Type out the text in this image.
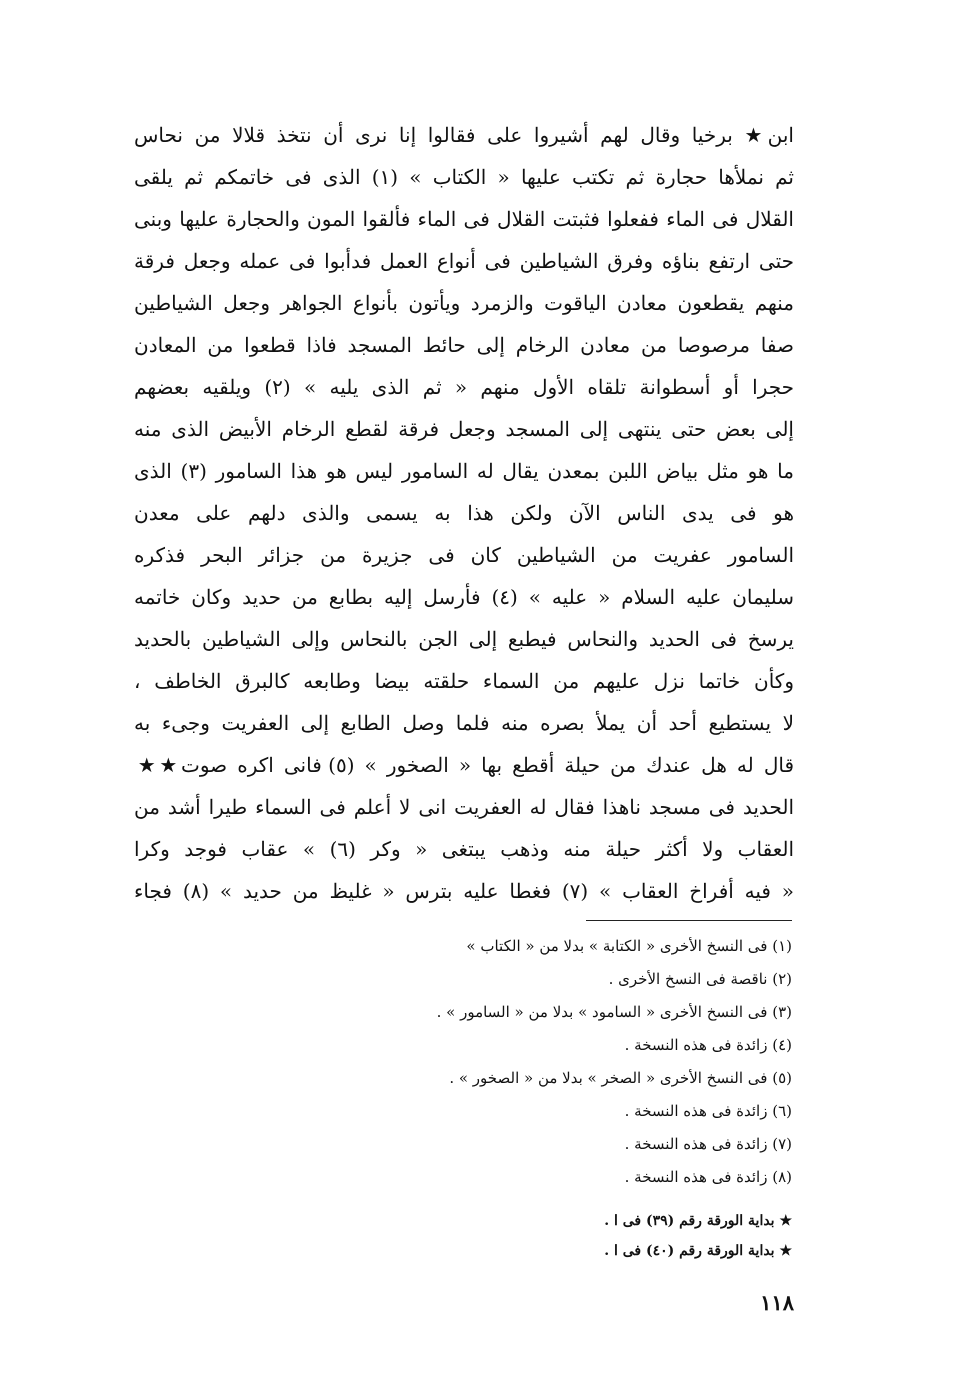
ابن★ برخيا وقال لهم أشيروا على فقالوا إنا نرى أن نتخذ قلالا من نحاس
ثم نملأها حجارة ثم تكتب عليها « الكتاب » (١) الذى فى خاتمكم ثم يلقى
القلال فى الماء ففعلوا فثبتت القلال فى الماء فألقوا المون والحجارة عليها وبنى
حتى ارتفع بناؤه وفرق الشياطين فى أنواع العمل فدأبوا فى عمله وجعل فرقة
منهم يقطعون معادن الياقوت والزمرد ويأتون بأنواع الجواهر وجعل الشياطين
صفا مرصوصا من معادن الرخام إلى حائط المسجد فاذا قطعوا من المعادن
حجرا أو أسطوانة تلقاه الأول منهم « ثم الذى يليه » (٢) ويلقيه بعضهم
إلى بعض حتى ينتهى إلى المسجد وجعل فرقة لقطع الرخام الأبيض الذى منه
ما هو مثل بياض اللبن بمعدن يقال له السامور ليس هو هذا السامور (٣) الذى
هو فى يدى الناس الآن ولكن هذا به يسمى والذى دلهم على معدن
السامور عفريت من الشياطين كان فى جزيرة من جزائر البحر فذكره
سليمان عليه السلام « عليه » (٤) فأرسل إليه بطابع من حديد وكان خاتمه
يرسخ فى الحديد والنحاس فيطبع إلى الجن بالنحاس وإلى الشياطين بالحديد
وكأن خاتما نزل عليهم من السماء حلقته بيضا وطابعه كالبرق الخاطف ،
لا يستطيع أحد أن يملأ بصره منه فلما وصل الطابع إلى العفريت وجىء به
قال له هل عندك من حيلة أقطع بها « الصخور » (٥) فانى اكره صوت★★
الحديد فى مسجد ناهذا فقال له العفريت انى لا أعلم فى السماء طيرا أشد من
العقاب ولا أكثر حيلة منه وذهب يبتغى « وكر (٦) » عقاب فوجد وكرا
« فيه أفراخ العقاب » (٧) فغطا عليه بترس « غليظ من حديد » (٨) فجاء
(١) فى النسخ الأخرى « الكتابة » بدلا من « الكتاب »
(٢) ناقصة فى النسخ الأخرى .
(٣) فى النسخ الأخرى « السامود » بدلا من « السامور » .
(٤) زائدة فى هذه النسخة .
(٥) فى النسخ الأخرى « الصخر » بدلا من « الصخور » .
(٦) زائدة فى هذه النسخة .
(٧) زائدة فى هذه النسخة .
(٨) زائدة فى هذه النسخة .
★ بداية الورقة رقم (٣٩) فى ا .
★ بداية الورقة رقم (٤٠) فى ا .
١١٨
